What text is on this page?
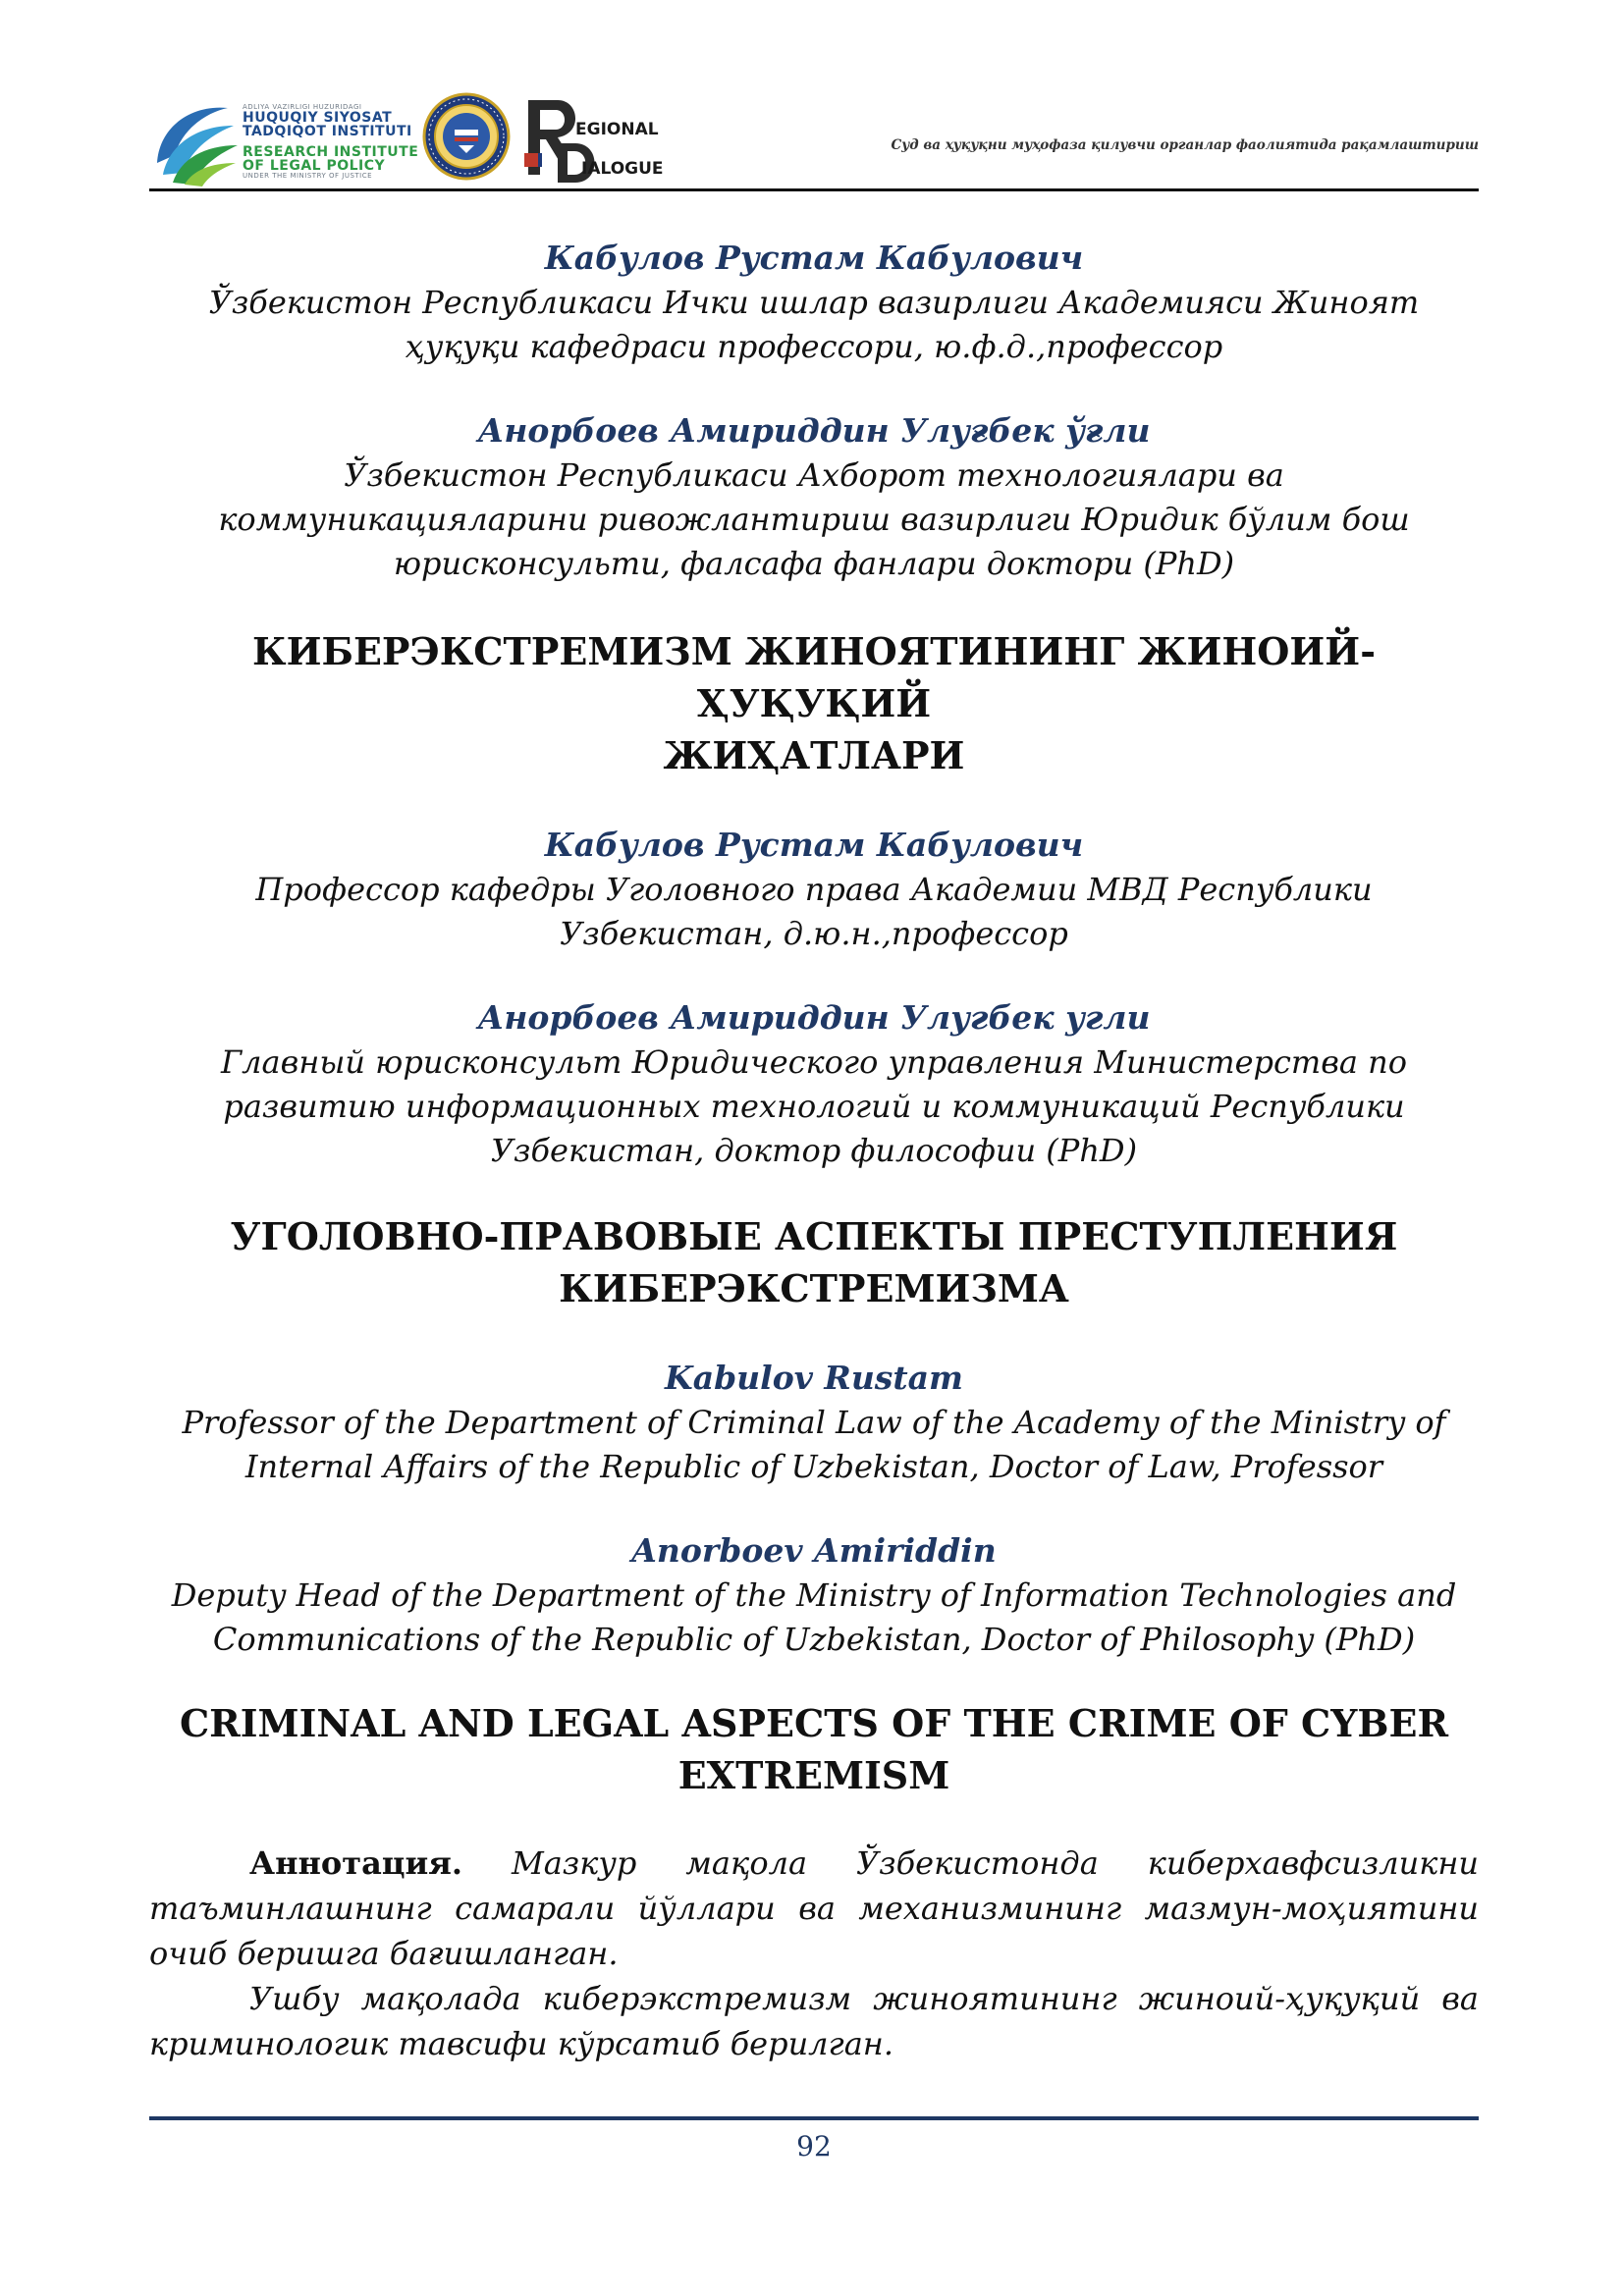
ADLIYA VAZIRLIGI HUZURIDAGI
HUQUQIY SIYOSAT
TADQIQOT INSTITUTI
RESEARCH INSTITUTE
OF LEGAL POLICY
UNDER THE MINISTRY OF JUSTICE
EGIONAL
IALOGUE
Суд ва ҳуқуқни муҳофаза қилувчи органлар фаолиятида рақамлаштириш
Кабулов Рустам Кабулович
Ўзбекистон Республикаси Ички ишлар вазирлиги Академияси Жиноят
ҳуқуқи кафедраси профессори, ю.ф.д.,профессор
Анорбоев Амириддин Улуғбек ўғли
Ўзбекистон Республикаси Ахборот технологиялари ва
коммуникацияларини ривожлантириш вазирлиги Юридик бўлим бош
юрисконсульти, фалсафа фанлари доктори (PhD)
КИБЕРЭКСТРЕМИЗМ ЖИНОЯТИНИНГ ЖИНОИЙ-ҲУҚУҚИЙ
ЖИҲАТЛАРИ
Кабулов Рустам Кабулович
Профессор кафедры Уголовного права Академии МВД Республики
Узбекистан, д.ю.н.,профессор
Анорбоев Амириддин Улугбек угли
Главный юрисконсульт Юридического управления Министерства по
развитию информационных технологий и коммуникаций Республики
Узбекистан, доктор философии (PhD)
УГОЛОВНО-ПРАВОВЫЕ АСПЕКТЫ ПРЕСТУПЛЕНИЯ
КИБЕРЭКСТРЕМИЗМА
Kabulov Rustam
Professor of the Department of Criminal Law of the Academy of the Ministry of
Internal Affairs of the Republic of Uzbekistan, Doctor of Law, Professor
Anorboev Amiriddin
Deputy Head of the Department of the Ministry of Information Technologies and
Communications of the Republic of Uzbekistan, Doctor of Philosophy (PhD)
CRIMINAL AND LEGAL ASPECTS OF THE CRIME OF CYBER
EXTREMISM

Аннотация. Мазкур мақола Ўзбекистонда киберхавфсизликни таъминлашнинг самарали йўллари ва механизмининг мазмун-моҳиятини очиб беришга бағишланган.

Ушбу мақолада киберэкстремизм жиноятининг жиноий-ҳуқуқий ва криминологик тавсифи кўрсатиб берилган.

92
